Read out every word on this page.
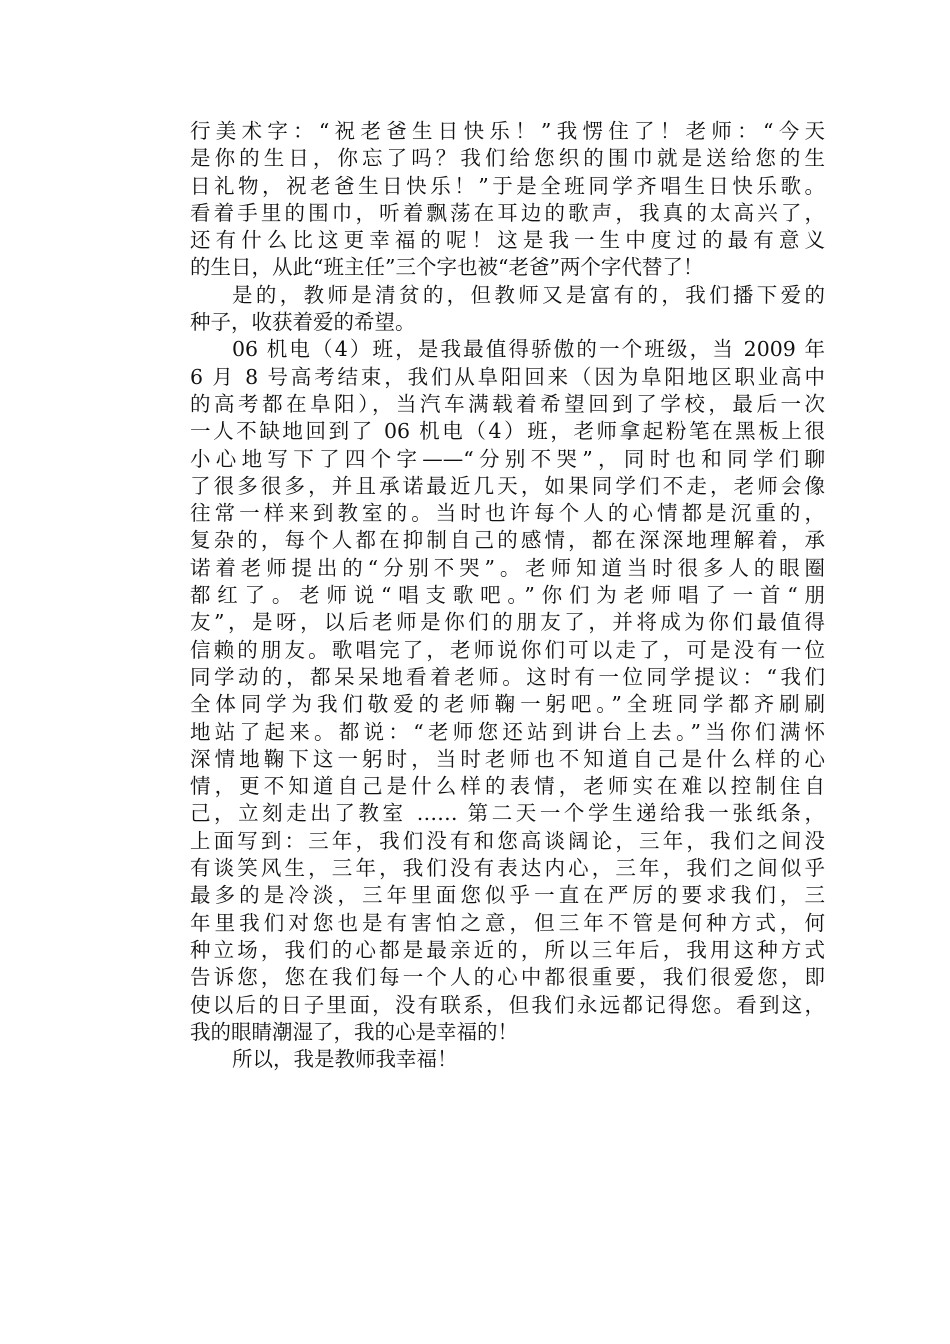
行美术字：“祝老爸生日快乐！”我愣住了！老师：“今天
是你的生日，你忘了吗？我们给您织的围巾就是送给您的生
日礼物，祝老爸生日快乐！”于是全班同学齐唱生日快乐歌。
看着手里的围巾，听着飘荡在耳边的歌声，我真的太高兴了，
还有什么比这更幸福的呢！这是我一生中度过的最有意义
的生日，从此“班主任”三个字也被“老爸”两个字代替了！
是的，教师是清贫的，但教师又是富有的，我们播下爱的
种子，收获着爱的希望。
06 机电（4）班，是我最值得骄傲的一个班级，当 2009 年
6 月 8 号高考结束，我们从阜阳回来（因为阜阳地区职业高中
的高考都在阜阳），当汽车满载着希望回到了学校，最后一次
一人不缺地回到了 06 机电（4）班，老师拿起粉笔在黑板上很
小心地写下了四个字——“分别不哭”，同时也和同学们聊
了很多很多，并且承诺最近几天，如果同学们不走，老师会像
往常一样来到教室的。当时也许每个人的心情都是沉重的，
复杂的，每个人都在抑制自己的感情，都在深深地理解着，承
诺着老师提出的“分别不哭”。老师知道当时很多人的眼圈
都红了。老师说“唱支歌吧。”你们为老师唱了一首“朋
友”，是呀，以后老师是你们的朋友了，并将成为你们最值得
信赖的朋友。歌唱完了，老师说你们可以走了，可是没有一位
同学动的，都呆呆地看着老师。这时有一位同学提议：“我们
全体同学为我们敬爱的老师鞠一躬吧。”全班同学都齐刷刷
地站了起来。都说：“老师您还站到讲台上去。”当你们满怀
深情地鞠下这一躬时，当时老师也不知道自己是什么样的心
情，更不知道自己是什么样的表情，老师实在难以控制住自
己，立刻走出了教室 …… 第二天一个学生递给我一张纸条，
上面写到：三年，我们没有和您高谈阔论，三年，我们之间没
有谈笑风生，三年，我们没有表达内心，三年，我们之间似乎
最多的是冷淡，三年里面您似乎一直在严厉的要求我们，三
年里我们对您也是有害怕之意，但三年不管是何种方式，何
种立场，我们的心都是最亲近的，所以三年后，我用这种方式
告诉您，您在我们每一个人的心中都很重要，我们很爱您，即
使以后的日子里面，没有联系，但我们永远都记得您。看到这，
我的眼睛潮湿了，我的心是幸福的！
所以，我是教师我幸福！
